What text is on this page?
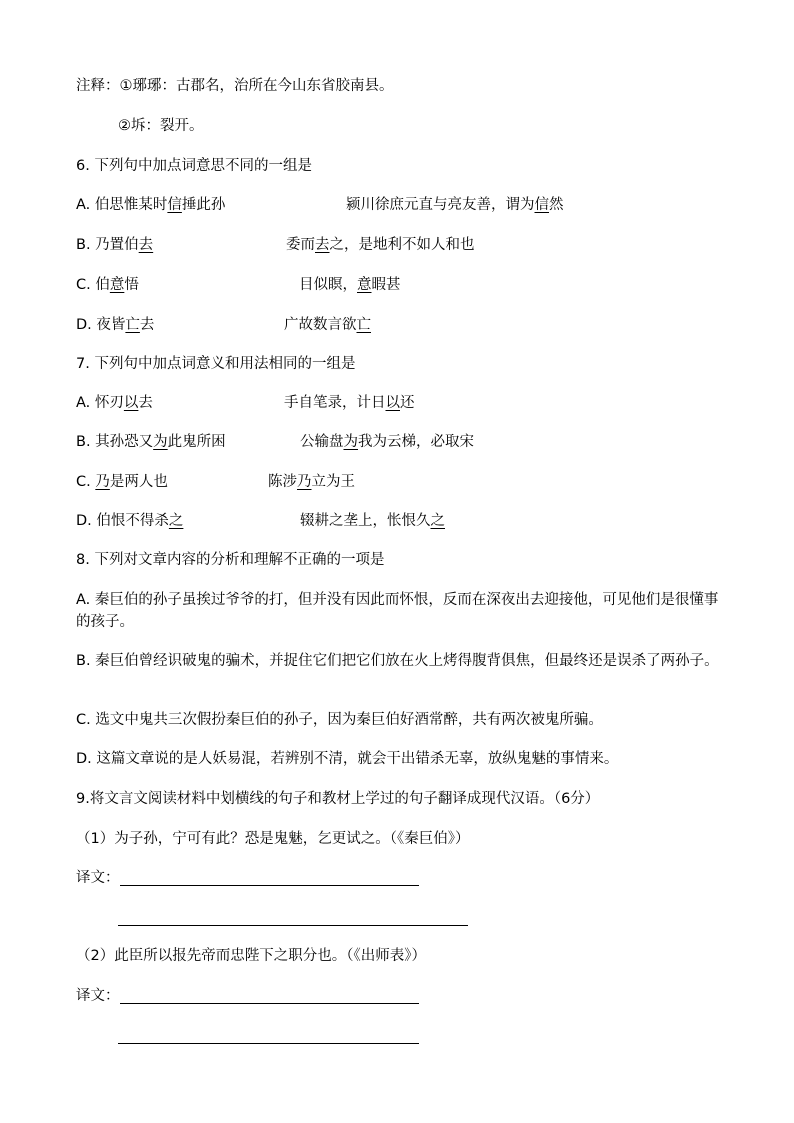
注释：①琊琊：古郡名，治所在今山东省胶南县。
②坼：裂开。
6. 下列句中加点词意思不同的一组是
A. 伯思惟某时信捶此孙	颍川徐庶元直与亮友善，谓为信然
B. 乃置伯去	委而去之，是地利不如人和也
C. 伯意悟	目似瞑，意暇甚
D. 夜皆亡去	广故数言欲亡
7. 下列句中加点词意义和用法相同的一组是
A. 怀刃以去	手自笔录，计日以还
B. 其孙恐又为此鬼所困	公输盘为我为云梯，必取宋
C. 乃是两人也	陈涉乃立为王
D. 伯恨不得杀之	辍耕之垄上，怅恨久之
8. 下列对文章内容的分析和理解不正确的一项是
A. 秦巨伯的孙子虽挨过爷爷的打，但并没有因此而怀恨，反而在深夜出去迎接他，可见他们是很懂事的孩子。
B. 秦巨伯曾经识破鬼的骗术，并捉住它们把它们放在火上烤得腹背俱焦，但最终还是误杀了两孙子。
C. 选文中鬼共三次假扮秦巨伯的孙子，因为秦巨伯好酒常醉，共有两次被鬼所骗。
D. 这篇文章说的是人妖易混，若辨别不清，就会干出错杀无辜，放纵鬼魅的事情来。
9.将文言文阅读材料中划横线的句子和教材上学过的句子翻译成现代汉语。（6分）
（1）为子孙，宁可有此？恐是鬼魅，乞更试之。（《秦巨伯》）
译文：
（2）此臣所以报先帝而忠陛下之职分也。（《出师表》）
译文：
